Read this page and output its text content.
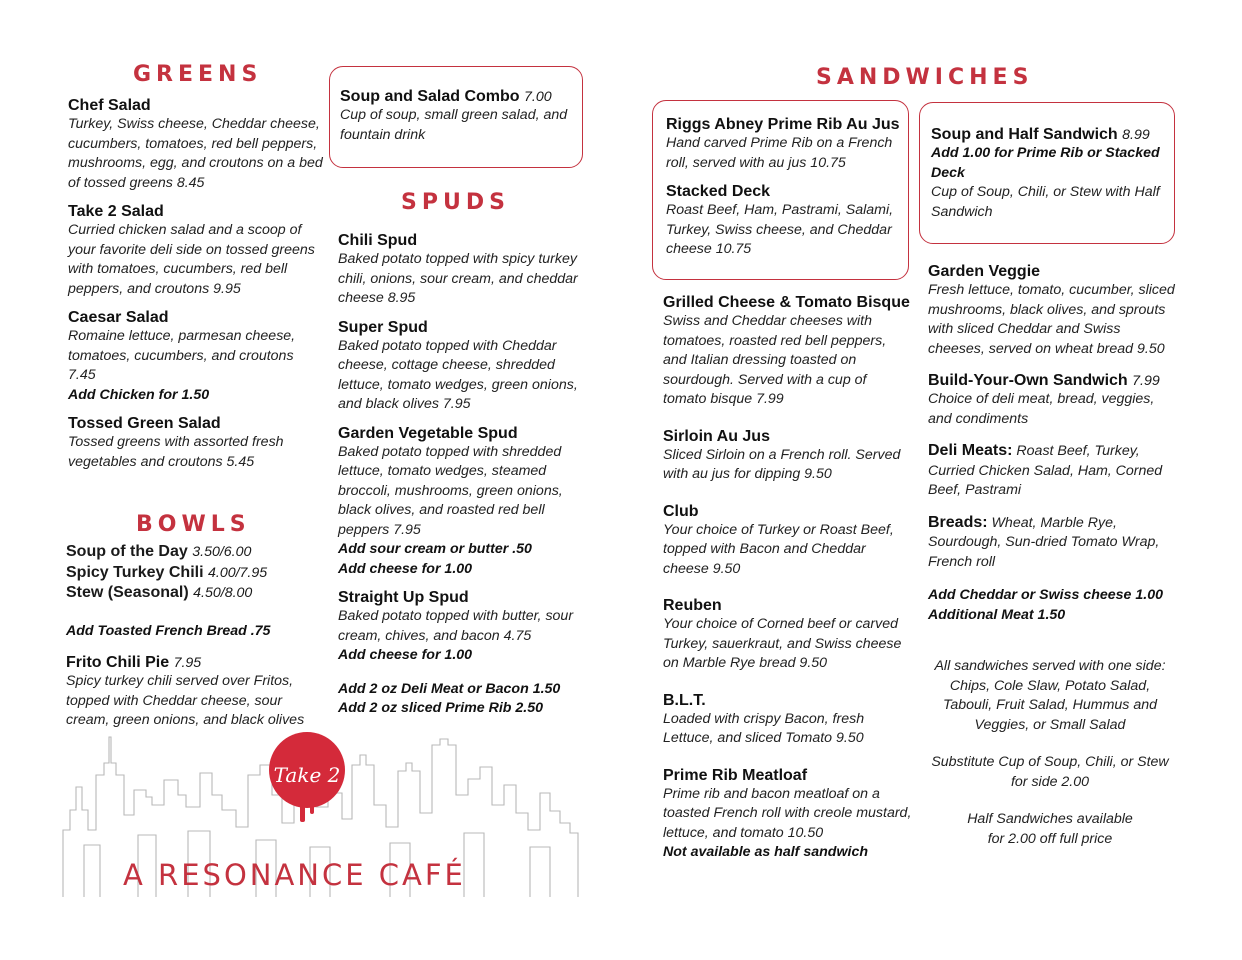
GREENS
Chef Salad
Turkey, Swiss cheese, Cheddar cheese, cucumbers, tomatoes, red bell peppers, mushrooms, egg, and croutons on a bed of tossed greens 8.45
Take 2 Salad
Curried chicken salad and a scoop of your favorite deli side on tossed greens with tomatoes, cucumbers, red bell peppers, and croutons 9.95
Caesar Salad
Romaine lettuce, parmesan cheese, tomatoes, cucumbers, and croutons 7.45
Add Chicken for 1.50
Tossed Green Salad
Tossed greens with assorted fresh vegetables and croutons 5.45
BOWLS
Soup of the Day 3.50/6.00
Spicy Turkey Chili 4.00/7.95
Stew (Seasonal) 4.50/8.00
Add Toasted French Bread .75
Frito Chili Pie 7.95
Spicy turkey chili served over Fritos, topped with Cheddar cheese, sour cream, green onions, and black olives
Soup and Salad Combo 7.00
Cup of soup, small green salad, and fountain drink
SPUDS
Chili Spud
Baked potato topped with spicy turkey chili, onions, sour cream, and cheddar cheese 8.95
Super Spud
Baked potato topped with Cheddar cheese, cottage cheese, shredded lettuce, tomato wedges, green onions, and black olives 7.95
Garden Vegetable Spud
Baked potato topped with shredded lettuce, tomato wedges, steamed broccoli, mushrooms, green onions, black olives, and roasted red bell peppers 7.95
Add sour cream or butter .50
Add cheese for 1.00
Straight Up Spud
Baked potato topped with butter, sour cream, chives, and bacon 4.75
Add cheese for 1.00
Add 2 oz Deli Meat or Bacon 1.50
Add 2 oz sliced Prime Rib 2.50
Take 2
A RESONANCE CAFÉ
SANDWICHES
Riggs Abney Prime Rib Au Jus
Hand carved Prime Rib on a French roll, served with au jus 10.75
Stacked Deck
Roast Beef, Ham, Pastrami, Salami, Turkey, Swiss cheese, and Cheddar cheese 10.75
Grilled Cheese & Tomato Bisque
Swiss and Cheddar cheeses with tomatoes, roasted red bell peppers, and Italian dressing toasted on sourdough. Served with a cup of tomato bisque 7.99
Sirloin Au Jus
Sliced Sirloin on a French roll. Served with au jus for dipping 9.50
Club
Your choice of Turkey or Roast Beef, topped with Bacon and Cheddar cheese 9.50
Reuben
Your choice of Corned beef or carved Turkey, sauerkraut, and Swiss cheese on Marble Rye bread 9.50
B.L.T.
Loaded with crispy Bacon, fresh Lettuce, and sliced Tomato 9.50
Prime Rib Meatloaf
Prime rib and bacon meatloaf on a toasted French roll with creole mustard, lettuce, and tomato 10.50
Not available as half sandwich
Soup and Half Sandwich 8.99
Add 1.00 for Prime Rib or Stacked Deck
Cup of Soup, Chili, or Stew with Half Sandwich
Garden Veggie
Fresh lettuce, tomato, cucumber, sliced mushrooms, black olives, and sprouts with sliced Cheddar and Swiss cheeses, served on wheat bread 9.50
Build-Your-Own Sandwich 7.99
Choice of deli meat, bread, veggies, and condiments
Deli Meats: Roast Beef, Turkey, Curried Chicken Salad, Ham, Corned Beef, Pastrami
Breads: Wheat, Marble Rye, Sourdough, Sun-dried Tomato Wrap, French roll
Add Cheddar or Swiss cheese 1.00
Additional Meat 1.50
All sandwiches served with one side: Chips, Cole Slaw, Potato Salad, Tabouli, Fruit Salad, Hummus and Veggies, or Small Salad
Substitute Cup of Soup, Chili, or Stew for side 2.00
Half Sandwiches available for 2.00 off full price
